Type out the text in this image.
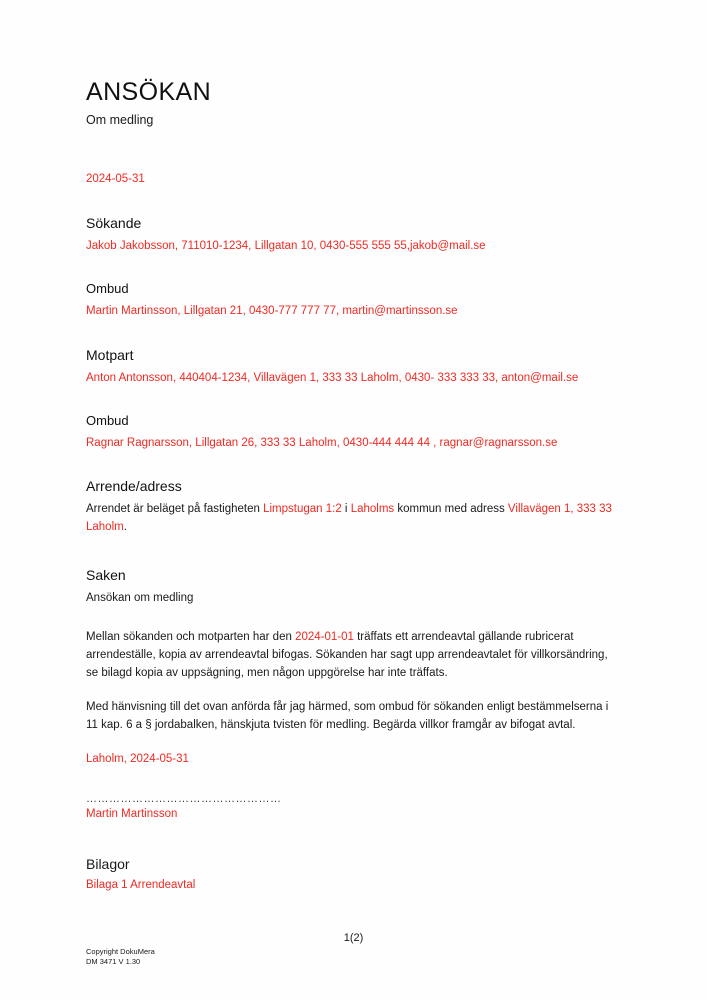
ANSÖKAN

Om medling

2024-05-31

Sökande

Jakob Jakobsson, 711010-1234, Lillgatan 10, 0430-555 555 55,jakob@mail.se

Ombud

Martin Martinsson, Lillgatan 21, 0430-777 777 77, martin@martinsson.se

Motpart

Anton Antonsson, 440404-1234, Villavägen 1, 333 33 Laholm, 0430- 333 333 33, anton@mail.se

Ombud

Ragnar Ragnarsson, Lillgatan 26, 333 33 Laholm, 0430-444 444 44 , ragnar@ragnarsson.se

Arrende/adress

Arrendet är beläget på fastigheten Limpstugan 1:2 i Laholms kommun med adress Villavägen 1, 333 33 Laholm.

Saken

Ansökan om medling

Mellan sökanden och motparten har den 2024-01-01 träffats ett arrendeavtal gällande rubricerat arrendeställe, kopia av arrendeavtal bifogas. Sökanden har sagt upp arrendeavtalet för villkorsändring, se bilagd kopia av uppsägning, men någon uppgörelse har inte träffats.

Med hänvisning till det ovan anförda får jag härmed, som ombud för sökanden enligt bestämmelserna i 11 kap. 6 a § jordabalken, hänskjuta tvisten för medling. Begärda villkor framgår av bifogat avtal.

Laholm, 2024-05-31

……………………………………………

Martin Martinsson

Bilagor

Bilaga 1 Arrendeavtal

1(2)
Copyright DokuMera
DM 3471 V 1.30
